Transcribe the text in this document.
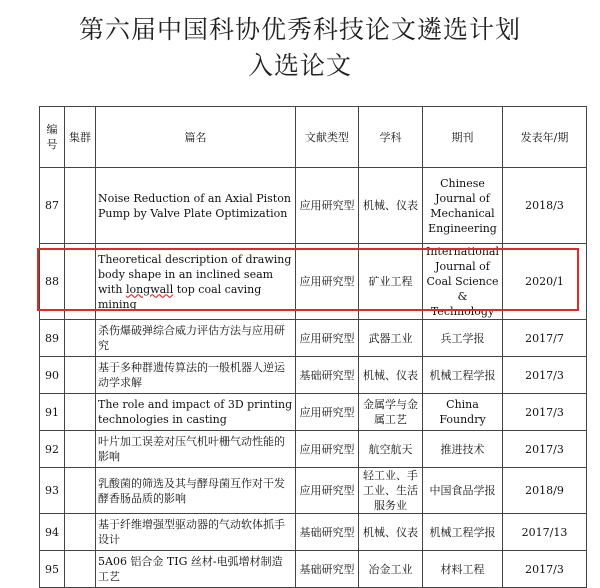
第六届中国科协优秀科技论文遴选计划
入选论文
编号	集群	篇名	文献类型	学科	期刊	发表年/期
87		Noise Reduction of an Axial Piston Pump by Valve Plate Optimization	应用研究型	机械、仪表	Chinese Journal of Mechanical Engineering	2018/3
88		Theoretical description of drawing body shape in an inclined seam with longwall top coal caving mining	应用研究型	矿业工程	International Journal of Coal Science & Technology	2020/1
89		杀伤爆破弹综合威力评估方法与应用研究	应用研究型	武器工业	兵工学报	2017/7
90		基于多种群遗传算法的一般机器人逆运动学求解	基础研究型	机械、仪表	机械工程学报	2017/3
91		The role and impact of 3D printing technologies in casting	应用研究型	金属学与金属工艺	China Foundry	2017/3
92		叶片加工误差对压气机叶栅气动性能的影响	应用研究型	航空航天	推进技术	2017/3
93		乳酸菌的筛选及其与酵母菌互作对干发酵香肠品质的影响	应用研究型	轻工业、手工业、生活服务业	中国食品学报	2018/9
94		基于纤维增强型驱动器的气动软体抓手设计	基础研究型	机械、仪表	机械工程学报	2017/13
95		5A06 铝合金 TIG 丝材-电弧增材制造工艺	基础研究型	冶金工业	材料工程	2017/3
